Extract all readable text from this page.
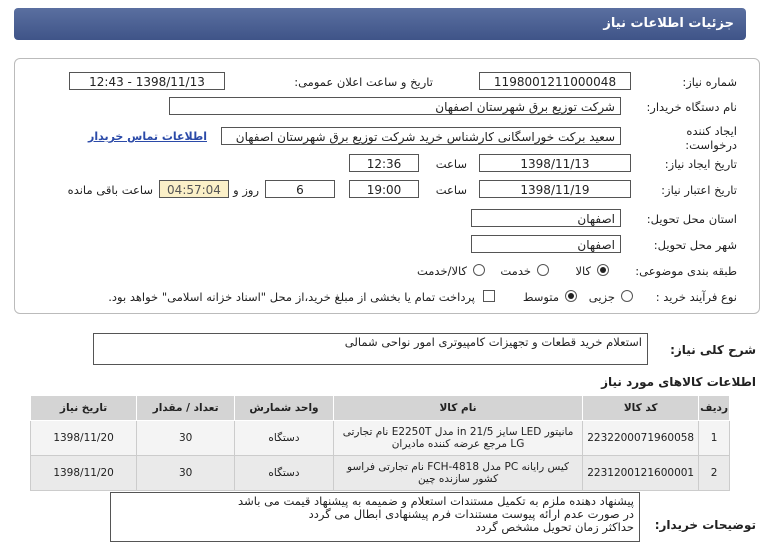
جزئیات اطلاعات نیاز
شماره نیاز:
1198001211000048
تاریخ و ساعت اعلان عمومی:
1398/11/13 - 12:43
نام دستگاه خریدار:
شرکت توزیع برق شهرستان اصفهان
ایجاد کننده درخواست:
سعید برکت خوراسگانی کارشناس خرید شرکت توزیع برق شهرستان اصفهان
اطلاعات تماس خریدار
تاریخ ایجاد نیاز:
1398/11/13
ساعت
12:36
تاریخ اعتبار نیاز:
1398/11/19
ساعت
19:00
6
روز و
04:57:04
ساعت باقی مانده
استان محل تحویل:
اصفهان
شهر محل تحویل:
اصفهان
طبقه بندی موضوعی:
کالا
خدمت
کالا/خدمت
نوع فرآیند خرید :
جزیی
متوسط
پرداخت تمام یا بخشی از مبلغ خرید،از محل "اسناد خزانه اسلامی" خواهد بود.
شرح کلی نیاز:
استعلام خرید قطعات و تجهیزات کامپیوتری امور نواحی شمالی
اطلاعات کالاهای مورد نیاز
ردیف	کد کالا	نام کالا	واحد شمارش	تعداد / مقدار	تاریخ نیاز
1	2232200071960058	مانیتور LED سایز 21/5 in مدل E2250T نام تجارتی LG مرجع عرضه کننده مادیران	دستگاه	30	1398/11/20
2	2231200121600001	کیس رایانه PC مدل FCH-4818 نام تجارتی فراسو کشور سازنده چین	دستگاه	30	1398/11/20
توضیحات خریدار:
پیشنهاد دهنده ملزم به تکمیل مستندات استعلام و ضمیمه به پیشنهاد قیمت می باشد
در صورت عدم ارائه پیوست مستندات فرم پیشنهادی ابطال می گردد
حداکثر زمان تحویل مشخص گردد
